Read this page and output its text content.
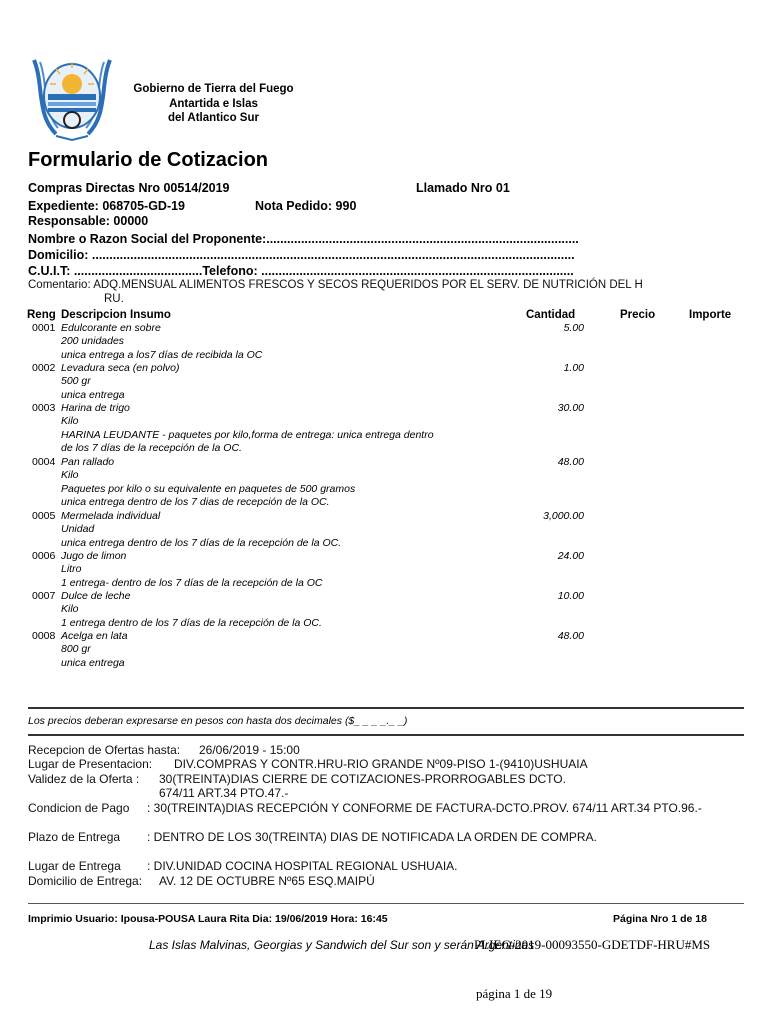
Gobierno de Tierra del Fuego
Antartida e Islas
del Atlantico Sur
Formulario de Cotizacion
Compras Directas Nro 00514/2019	Llamado Nro 01
Expediente: 068705-GD-19	Nota Pedido: 990
Responsable: 00000
Nombre o Razon Social del Proponente:..........................................................................................
Domicilio: ...........................................................................................................................................
C.U.I.T: .....................................Telefono: ..........................................................................................
Comentario: ADQ.MENSUAL ALIMENTOS FRESCOS Y SECOS REQUERIDOS POR EL SERV. DE NUTRICIÓN DEL H
RU.
Reng Descripcion Insumo	Cantidad	Precio	Importe
0001 Edulcorante en sobre
200 unidades
unica entrega a los7 días de recibida la OC
5.00
0002 Levadura seca (en polvo)
500 gr
unica entrega
1.00
0003 Harina de trigo
Kilo
HARINA LEUDANTE - paquetes por kilo,forma de entrega: unica entrega dentro
de los 7 días de la recepción de la OC.
30.00
0004 Pan rallado
Kilo
Paquetes por kilo o su equivalente en paquetes de 500 gramos
unica entrega dentro de los 7 dias de recepción de la OC.
48.00
0005 Mermelada individual
Unidad
unica entrega dentro de los 7 días de la recepción de la OC.
3,000.00
0006 Jugo de limon
Litro
1 entrega- dentro de los 7 días de la recepción de la OC
24.00
0007 Dulce de leche
Kilo
1 entrega dentro de los 7 días de la recepción de la OC.
10.00
0008 Acelga en lata
800 gr
unica entrega
48.00
Los precios deberan expresarse en pesos con hasta dos decimales ($_ _ _ _._ _)
Recepcion de Ofertas hasta: 26/06/2019 - 15:00
Lugar de Presentacion: DIV.COMPRAS Y CONTR.HRU-RIO GRANDE Nº09-PISO 1-(9410)USHUAIA
Validez de la Oferta : 30(TREINTA)DIAS CIERRE DE COTIZACIONES-PRORROGABLES DCTO.
674/11 ART.34 PTO.47.-
Condicion de Pago : 30(TREINTA)DIAS RECEPCIÓN Y CONFORME DE FACTURA-DCTO.PROV. 674/11 ART.34 PTO.96.-
Plazo de Entrega : DENTRO DE LOS 30(TREINTA) DIAS DE NOTIFICADA LA ORDEN DE COMPRA.
Lugar de Entrega : DIV.UNIDAD COCINA HOSPITAL REGIONAL USHUAIA.
Domicilio de Entrega: AV. 12 DE OCTUBRE Nº65 ESQ.MAIPÚ
Imprimio Usuario: Ipousa-POUSA Laura Rita Dia: 19/06/2019 Hora: 16:45	Página Nro 1 de 18
Las Islas Malvinas, Georgias y Sandwich del Sur son y serán Argentinas
PLIEG-2019-00093550-GDETDF-HRU#MS
página 1 de 19
